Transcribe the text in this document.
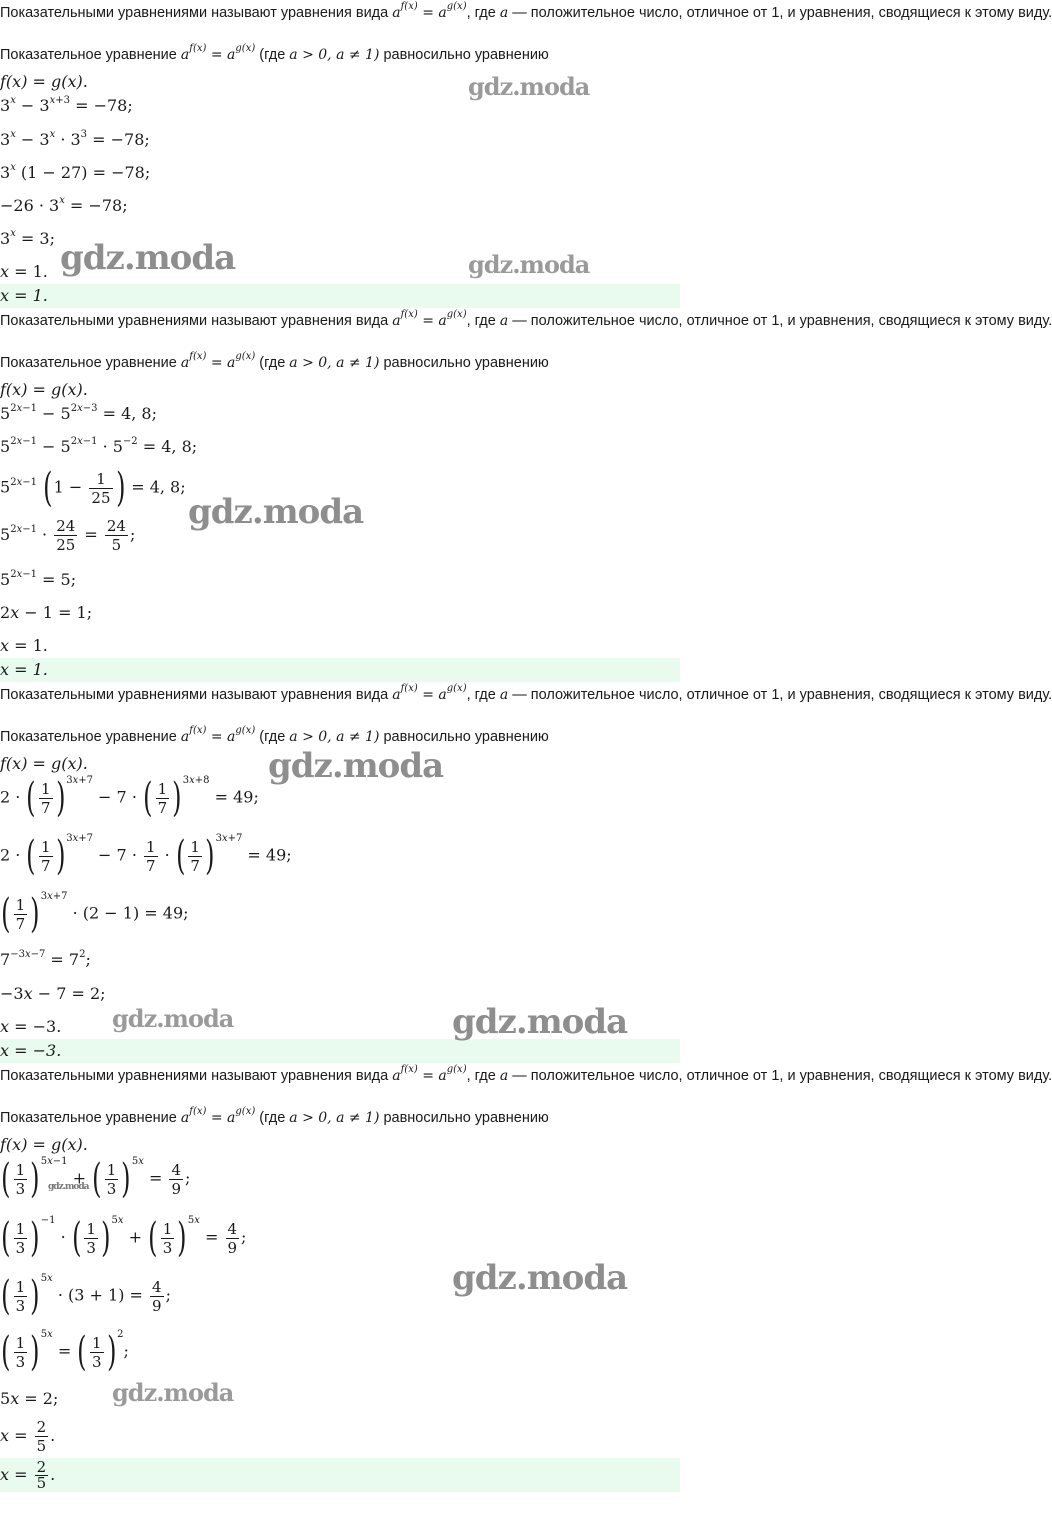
Показательными уравнениями называют уравнения вида $a^{f(x)} = a^{g(x)}$, где a — положительное число, отличное от 1, и уравнения, сводящиеся к этому виду.
Показательное уравнение $a^{f(x)} = a^{g(x)}$ (где a > 0, a ≠ 1) равносильно уравнению
f(x) = g(x).
$3^x - 3^{x+3} = -78$;
$3^x - 3^x \cdot 3^3 = -78$;
3$^x$ (1 − 27) = −78;
$-26 \cdot 3^x = -78$;
$3^x = 3$;
x = 1.
x = 1.
gdz.moda
gdz.moda	gdz.moda
Показательными уравнениями называют уравнения вида $a^{f(x)} = a^{g(x)}$, где a — положительное число, отличное от 1, и уравнения, сводящиеся к этому виду.
Показательное уравнение $a^{f(x)} = a^{g(x)}$ (где a > 0, a ≠ 1) равносильно уравнению
f(x) = g(x).
$5^{2x-1} - 5^{2x-3} = 4$, 8;
$5^{2x-1} - 5^{2x-1} \cdot 5^{-2} = 4$, 8;
$5^{2x-1}$ ($1 - \frac{1}{25}$ ) = 4, 8;
$5^{2x-1} \cdot \frac{24}{25} = \frac{24}{5}$ ;
$5^{2x-1} = 5$;
2x − 1 = 1;
x = 1.
x = 1.
gdz.moda
Показательными уравнениями называют уравнения вида $a^{f(x)} = a^{g(x)}$, где a — положительное число, отличное от 1, и уравнения, сводящиеся к этому виду.
Показательное уравнение $a^{f(x)} = a^{g(x)}$ (где a > 0, a ≠ 1) равносильно уравнению
f(x) = g(x).
2 · ( $\frac{1}{7} )^{3x+7} - 7$ · ( $\frac{1}{7} )^{3x+8} = 49$;
2 · ( $\frac{1}{7} )^{3x+7} - 7 \cdot \frac{1}{7}$ · ( $\frac{1}{7} )^{3x+7} = 49$;
( $\frac{1}{7} )^{3x+7} \cdot (2 - 1) = 49$;
$7^{-3x-7} = 7^2$;
−3x − 7 = 2;
x = −3.
x = −3.
gdz.moda
gdz.moda	gdz.moda
Показательными уравнениями называют уравнения вида $a^{f(x)} = a^{g(x)}$, где a — положительное число, отличное от 1, и уравнения, сводящиеся к этому виду.
Показательное уравнение $a^{f(x)} = a^{g(x)}$ (где a > 0, a ≠ 1) равносильно уравнению
f(x) = g(x).
( $\frac{1}{3} )^{5x-1}$ + ( $\frac{1}{3} )^{5x} = \frac{4}{9}$ ;
( $\frac{1}{3} )^{-1}$ · ( $\frac{1}{3} )^{5x}$ + ( $\frac{1}{3} )^{5x} = \frac{4}{9}$ ;
( $\frac{1}{3} )^{5x} \cdot (3 + 1) = \frac{4}{9}$ ;
( $\frac{1}{3} )^{5x}$ = ( $\frac{1}{3} )^2$;
5x = 2;
$x = \frac{2}{5}$ .
$x = \frac{2}{5}$ .
gdz.moda
gdz.moda
gdz.moda
